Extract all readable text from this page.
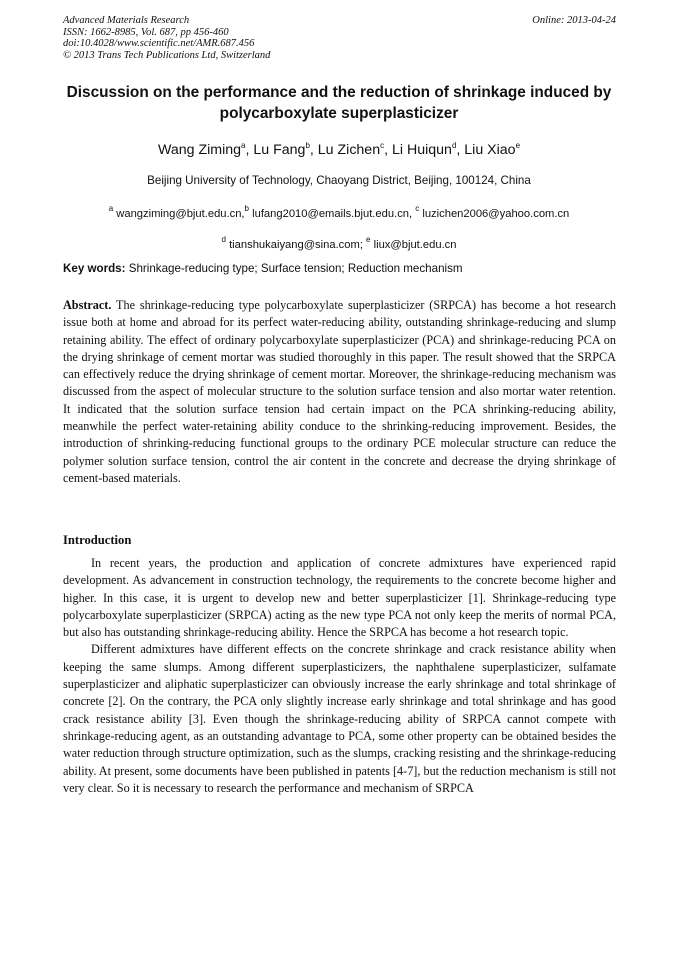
Advanced Materials Research
ISSN: 1662-8985, Vol. 687, pp 456-460
doi:10.4028/www.scientific.net/AMR.687.456
© 2013 Trans Tech Publications Ltd, Switzerland
Online: 2013-04-24
Discussion on the performance and the reduction of shrinkage induced by polycarboxylate superplasticizer
Wang Ziming$^a$, Lu Fang$^b$, Lu Zichen$^c$, Li Huiqun$^d$, Liu Xiao$^e$
Beijing University of Technology, Chaoyang District, Beijing, 100124, China
$^a$ wangziming@bjut.edu.cn,$^b$ lufang2010@emails.bjut.edu.cn, $^c$ luzichen2006@yahoo.com.cn
$^d$ tianshukaiyang@sina.com; $^e$ liux@bjut.edu.cn
Key words: Shrinkage-reducing type; Surface tension; Reduction mechanism

Abstract. The shrinkage-reducing type polycarboxylate superplasticizer (SRPCA) has become a hot research issue both at home and abroad for its perfect water-reducing ability, outstanding shrinkage-reducing and slump retaining ability. The effect of ordinary polycarboxylate superplasticizer (PCA) and shrinkage-reducing PCA on the drying shrinkage of cement mortar was studied thoroughly in this paper. The result showed that the SRPCA can effectively reduce the drying shrinkage of cement mortar. Moreover, the shrinkage-reducing mechanism was discussed from the aspect of molecular structure to the solution surface tension and also mortar water retention. It indicated that the solution surface tension had certain impact on the PCA shrinking-reducing ability, meanwhile the perfect water-retaining ability conduce to the shrinking-reducing improvement. Besides, the introduction of shrinking-reducing functional groups to the ordinary PCE molecular structure can reduce the polymer solution surface tension, control the air content in the concrete and decrease the drying shrinkage of cement-based materials.

Introduction

In recent years, the production and application of concrete admixtures have experienced rapid development. As advancement in construction technology, the requirements to the concrete become higher and higher. In this case, it is urgent to develop new and better superplasticizer [1]. Shrinkage-reducing type polycarboxylate superplasticizer (SRPCA) acting as the new type PCA not only keep the merits of normal PCA, but also has outstanding shrinkage-reducing ability. Hence the SRPCA has become a hot research topic.

Different admixtures have different effects on the concrete shrinkage and crack resistance ability when keeping the same slumps. Among different superplasticizers, the naphthalene superplasticizer, sulfamate superplasticizer and aliphatic superplasticizer can obviously increase the early shrinkage and total shrinkage of concrete [2]. On the contrary, the PCA only slightly increase early shrinkage and total shrinkage and has good crack resistance ability [3]. Even though the shrinkage-reducing ability of SRPCA cannot compete with shrinkage-reducing agent, as an outstanding advantage to PCA, some other property can be obtained besides the water reduction through structure optimization, such as the slumps, cracking resisting and the shrinkage-reducing ability. At present, some documents have been published in patents [4-7], but the reduction mechanism is still not very clear. So it is necessary to research the performance and mechanism of SRPCA
